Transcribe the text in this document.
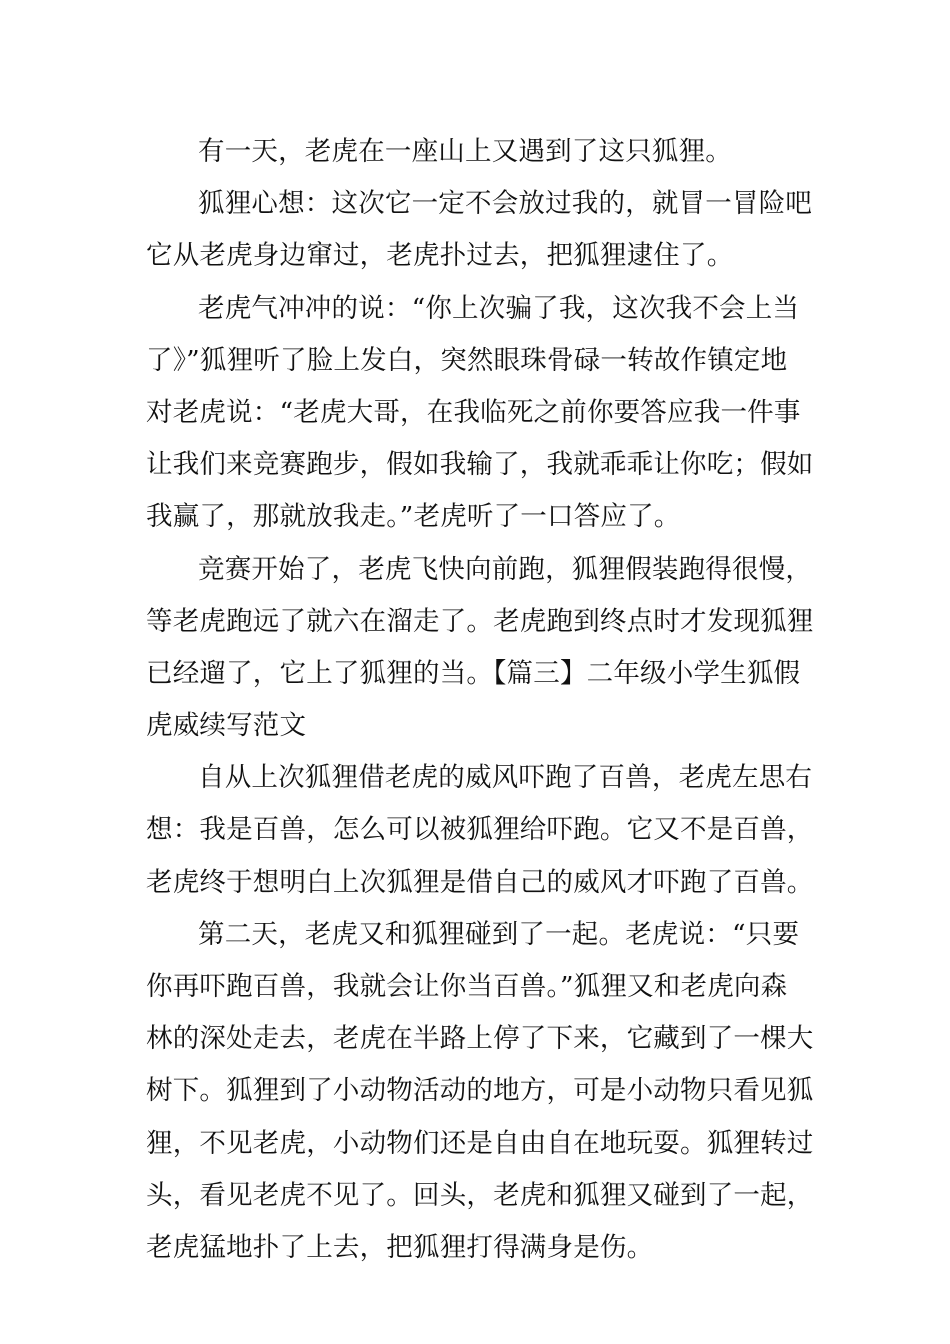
有一天，老虎在一座山上又遇到了这只狐狸。
狐狸心想：这次它一定不会放过我的，就冒一冒险吧
它从老虎身边窜过，老虎扑过去，把狐狸逮住了。
老虎气冲冲的说：“你上次骗了我，这次我不会上当
了》”狐狸听了脸上发白，突然眼珠骨碌一转故作镇定地
对老虎说：“老虎大哥，在我临死之前你要答应我一件事
让我们来竞赛跑步，假如我输了，我就乖乖让你吃；假如
我赢了，那就放我走。”老虎听了一口答应了。
竞赛开始了，老虎飞快向前跑，狐狸假装跑得很慢，
等老虎跑远了就六在溜走了。老虎跑到终点时才发现狐狸
已经遛了，它上了狐狸的当。【篇三】二年级小学生狐假
虎威续写范文
自从上次狐狸借老虎的威风吓跑了百兽，老虎左思右
想：我是百兽，怎么可以被狐狸给吓跑。它又不是百兽，
老虎终于想明白上次狐狸是借自己的威风才吓跑了百兽。
第二天，老虎又和狐狸碰到了一起。老虎说：“只要
你再吓跑百兽，我就会让你当百兽。”狐狸又和老虎向森
林的深处走去，老虎在半路上停了下来，它藏到了一棵大
树下。狐狸到了小动物活动的地方，可是小动物只看见狐
狸，不见老虎，小动物们还是自由自在地玩耍。狐狸转过
头，看见老虎不见了。回头，老虎和狐狸又碰到了一起，
老虎猛地扑了上去，把狐狸打得满身是伤。
